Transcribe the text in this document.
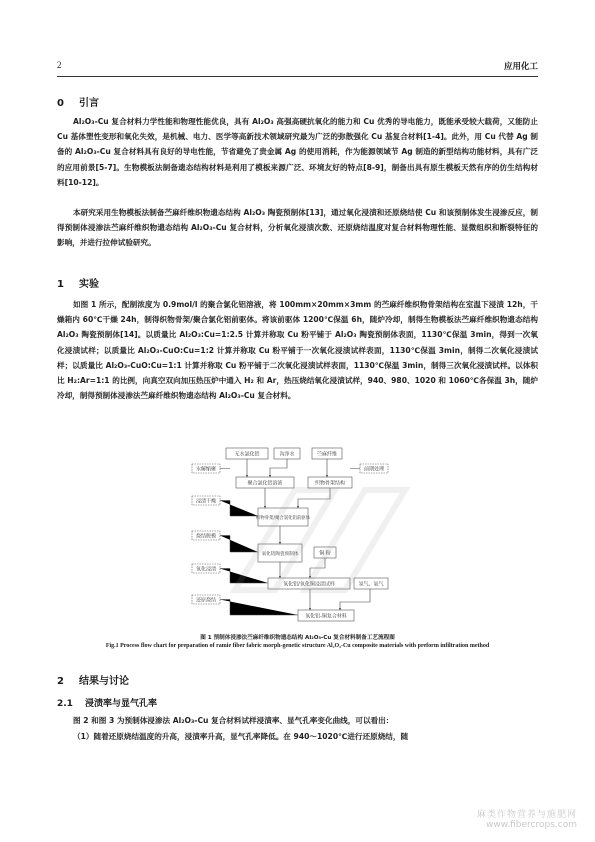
2	应用化工
0 引言
Al₂O₃-Cu 复合材料力学性能和物理性能优良，具有 Al₂O₃ 高强高硬抗氧化的能力和 Cu 优秀的导电能力，既能承受较大载荷，又能防止 Cu 基体塑性变形和氧化失效，是机械、电力、医学等高新技术领域研究最为广泛的弥散强化 Cu 基复合材料[1-4]。此外，用 Cu 代替 Ag 制备的 Al₂O₃-Cu 复合材料具有良好的导电性能，节省避免了贵金属 Ag 的使用消耗，作为能源领域节 Ag 制造的新型结构功能材料，具有广泛的应用前景[5-7]。生物模板法制备遗态结构材料是利用了模板来源广泛、环境友好的特点[8-9]，制备出具有原生模板天然有序的仿生结构材料[10-12]。
本研究采用生物模板法制备苎麻纤维织物遗态结构 Al₂O₃ 陶瓷预制体[13]，通过氧化浸渍和还原烧结使 Cu 和该预制体发生浸渗反应，制得预制体浸渗法苎麻纤维织物遗态结构 Al₂O₃-Cu 复合材料，分析氧化浸渍次数、还原烧结温度对复合材料物理性能、显微组织和断裂特征的影响，并进行拉伸试验研究。
1 实验
如图 1 所示，配制浓度为 0.9mol/l 的聚合氯化铝溶液，将 100mm×20mm×3mm 的苎麻纤维织物骨架结构在室温下浸渍 12h，干燥箱内 60℃干燥 24h，制得织物骨架/聚合氯化铝前驱体。将该前驱体 1200℃保温 6h，随炉冷却，制得生物模板法苎麻纤维织物遗态结构 Al₂O₃ 陶瓷预制体[14]。以质量比 Al₂O₃:Cu=1:2.5 计算并称取 Cu 粉平铺于 Al₂O₃ 陶瓷预制体表面，1130℃保温 3min，得到一次氧化浸渍试样；以质量比 Al₂O₃-CuO:Cu=1:2 计算并称取 Cu 粉平铺于一次氧化浸渍试样表面，1130℃保温 3min，制得二次氧化浸渍试样；以质量比 Al₂O₃-CuO:Cu=1:1 计算并称取 Cu 粉平铺于二次氧化浸渍试样表面，1130℃保温 3min，制得三次氧化浸渍试样。以体积比 H₂:Ar=1:1 的比例，向真空双向加压热压炉中通入 H₂ 和 Ar，热压烧结氧化浸渍试样，940、980、1020 和 1060℃各保温 3h，随炉冷却，制得预制体浸渗法苎麻纤维织物遗态结构 Al₂O₃-Cu 复合材料。
无水氯化铝	沟净水	苎麻纤维
水解缩聚	前期处理
聚合氯化铝溶液	织物骨架结构
浸渍干燥
织物骨架/聚合氯化铝前驱体
烧结脱模
氧化铝陶瓷预制体	铜 粉
氧化浸渍
氧化铝/氧化铜浸渍试样	氢气、氩气
还原烧结
氧化铝-铜复合材料
图 1 预制体浸渗法苎麻纤维织物遗态结构 Al₂O₃-Cu 复合材料制备工艺流程图
Fig.1 Process flow chart for preparation of ramie fiber fabric morph-genetic structure Al₂O₃-Cu composite materials with preform infiltration method
2 结果与讨论
2.1 浸渍率与显气孔率
图 2 和图 3 为预制体浸渗法 Al₂O₃-Cu 复合材料试样浸渍率、显气孔率变化曲线，可以看出：
（1）随着还原烧结温度的升高，浸渍率升高，显气孔率降低。在 940～1020℃进行还原烧结，随
麻类作物营养与施肥网
www.fibercrops.com
